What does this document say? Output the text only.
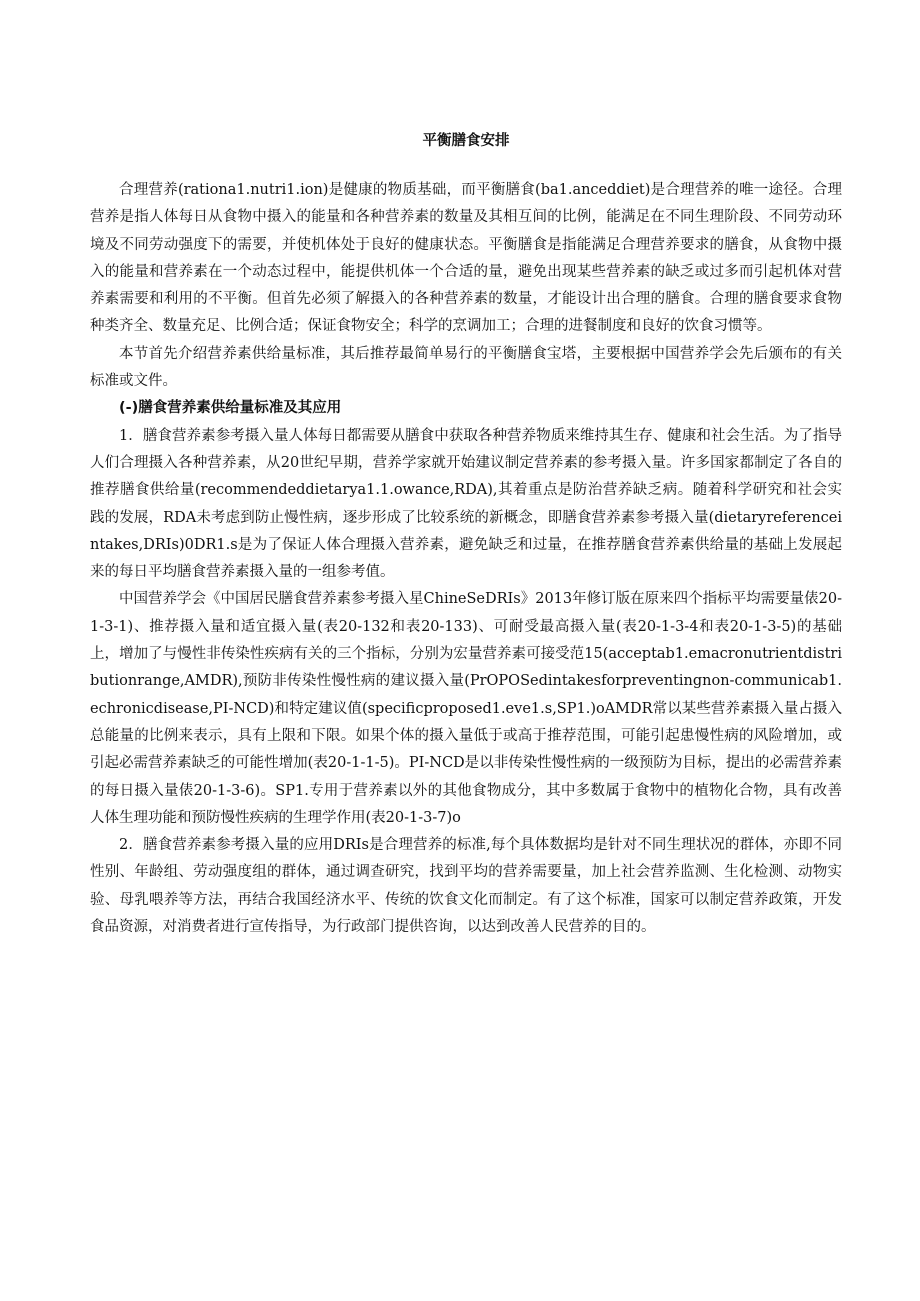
平衡膳食安排

合理营养(rationa1.nutri1.ion)是健康的物质基础，而平衡膳食(ba1.anceddiet)是合理营养的唯一途径。合理营养是指人体每日从食物中摄入的能量和各种营养素的数量及其相互间的比例，能满足在不同生理阶段、不同劳动环境及不同劳动强度下的需要，并使机体处于良好的健康状态。平衡膳食是指能满足合理营养要求的膳食，从食物中摄入的能量和营养素在一个动态过程中，能提供机体一个合适的量，避免出现某些营养素的缺乏或过多而引起机体对营养素需要和利用的不平衡。但首先必须了解摄入的各种营养素的数量，才能设计出合理的膳食。合理的膳食要求食物种类齐全、数量充足、比例合适；保证食物安全；科学的烹调加工；合理的进餐制度和良好的饮食习惯等。

本节首先介绍营养素供给量标准，其后推荐最简单易行的平衡膳食宝塔，主要根据中国营养学会先后颁布的有关标准或文件。

(-)膳食营养素供给量标准及其应用

1．膳食营养素参考摄入量人体每日都需要从膳食中获取各种营养物质来维持其生存、健康和社会生活。为了指导人们合理摄入各种营养素，从20世纪早期，营养学家就开始建议制定营养素的参考摄入量。许多国家都制定了各自的推荐膳食供给量(recommendeddietarya1.1.owance,RDA),其着重点是防治营养缺乏病。随着科学研究和社会实践的发展，RDA未考虑到防止慢性病，逐步形成了比较系统的新概念，即膳食营养素参考摄入量(dietaryreferenceintakes,DRIs)0DR1.s是为了保证人体合理摄入营养素，避免缺乏和过量，在推荐膳食营养素供给量的基础上发展起来的每日平均膳食营养素摄入量的一组参考值。

中国营养学会《中国居民膳食营养素参考摄入星ChineSeDRIs》2013年修订版在原来四个指标平均需要量俵20-1-3-1)、推荐摄入量和适宜摄入量(表20-132和表20-133)、可耐受最高摄入量(表20-1-3-4和表20-1-3-5)的基础上，增加了与慢性非传染性疾病有关的三个指标，分别为宏量营养素可接受范15(acceptab1.emacronutrientdistributionrange,AMDR),预防非传染性慢性病的建议摄入量(PrOPOSedintakesforpreventingnon-communicab1.echronicdisease,PI-NCD)和特定建议值(specificproposed1.eve1.s,SP1.)oAMDR常以某些营养素摄入量占摄入总能量的比例来表示，具有上限和下限。如果个体的摄入量低于或高于推荐范围，可能引起患慢性病的风险增加，或引起必需营养素缺乏的可能性增加(表20-1-1-5)。PI-NCD是以非传染性慢性病的一级预防为目标，提出的必需营养素的每日摄入量俵20-1-3-6)。SP1.专用于营养素以外的其他食物成分，其中多数属于食物中的植物化合物，具有改善人体生理功能和预防慢性疾病的生理学作用(表20-1-3-7)o

2．膳食营养素参考摄入量的应用DRIs是合理营养的标准,每个具体数据均是针对不同生理状况的群体，亦即不同性别、年龄组、劳动强度组的群体，通过调查研究，找到平均的营养需要量，加上社会营养监测、生化检测、动物实验、母乳喂养等方法，再结合我国经济水平、传统的饮食文化而制定。有了这个标准，国家可以制定营养政策，开发食品资源，对消费者进行宣传指导，为行政部门提供咨询，以达到改善人民营养的目的。
